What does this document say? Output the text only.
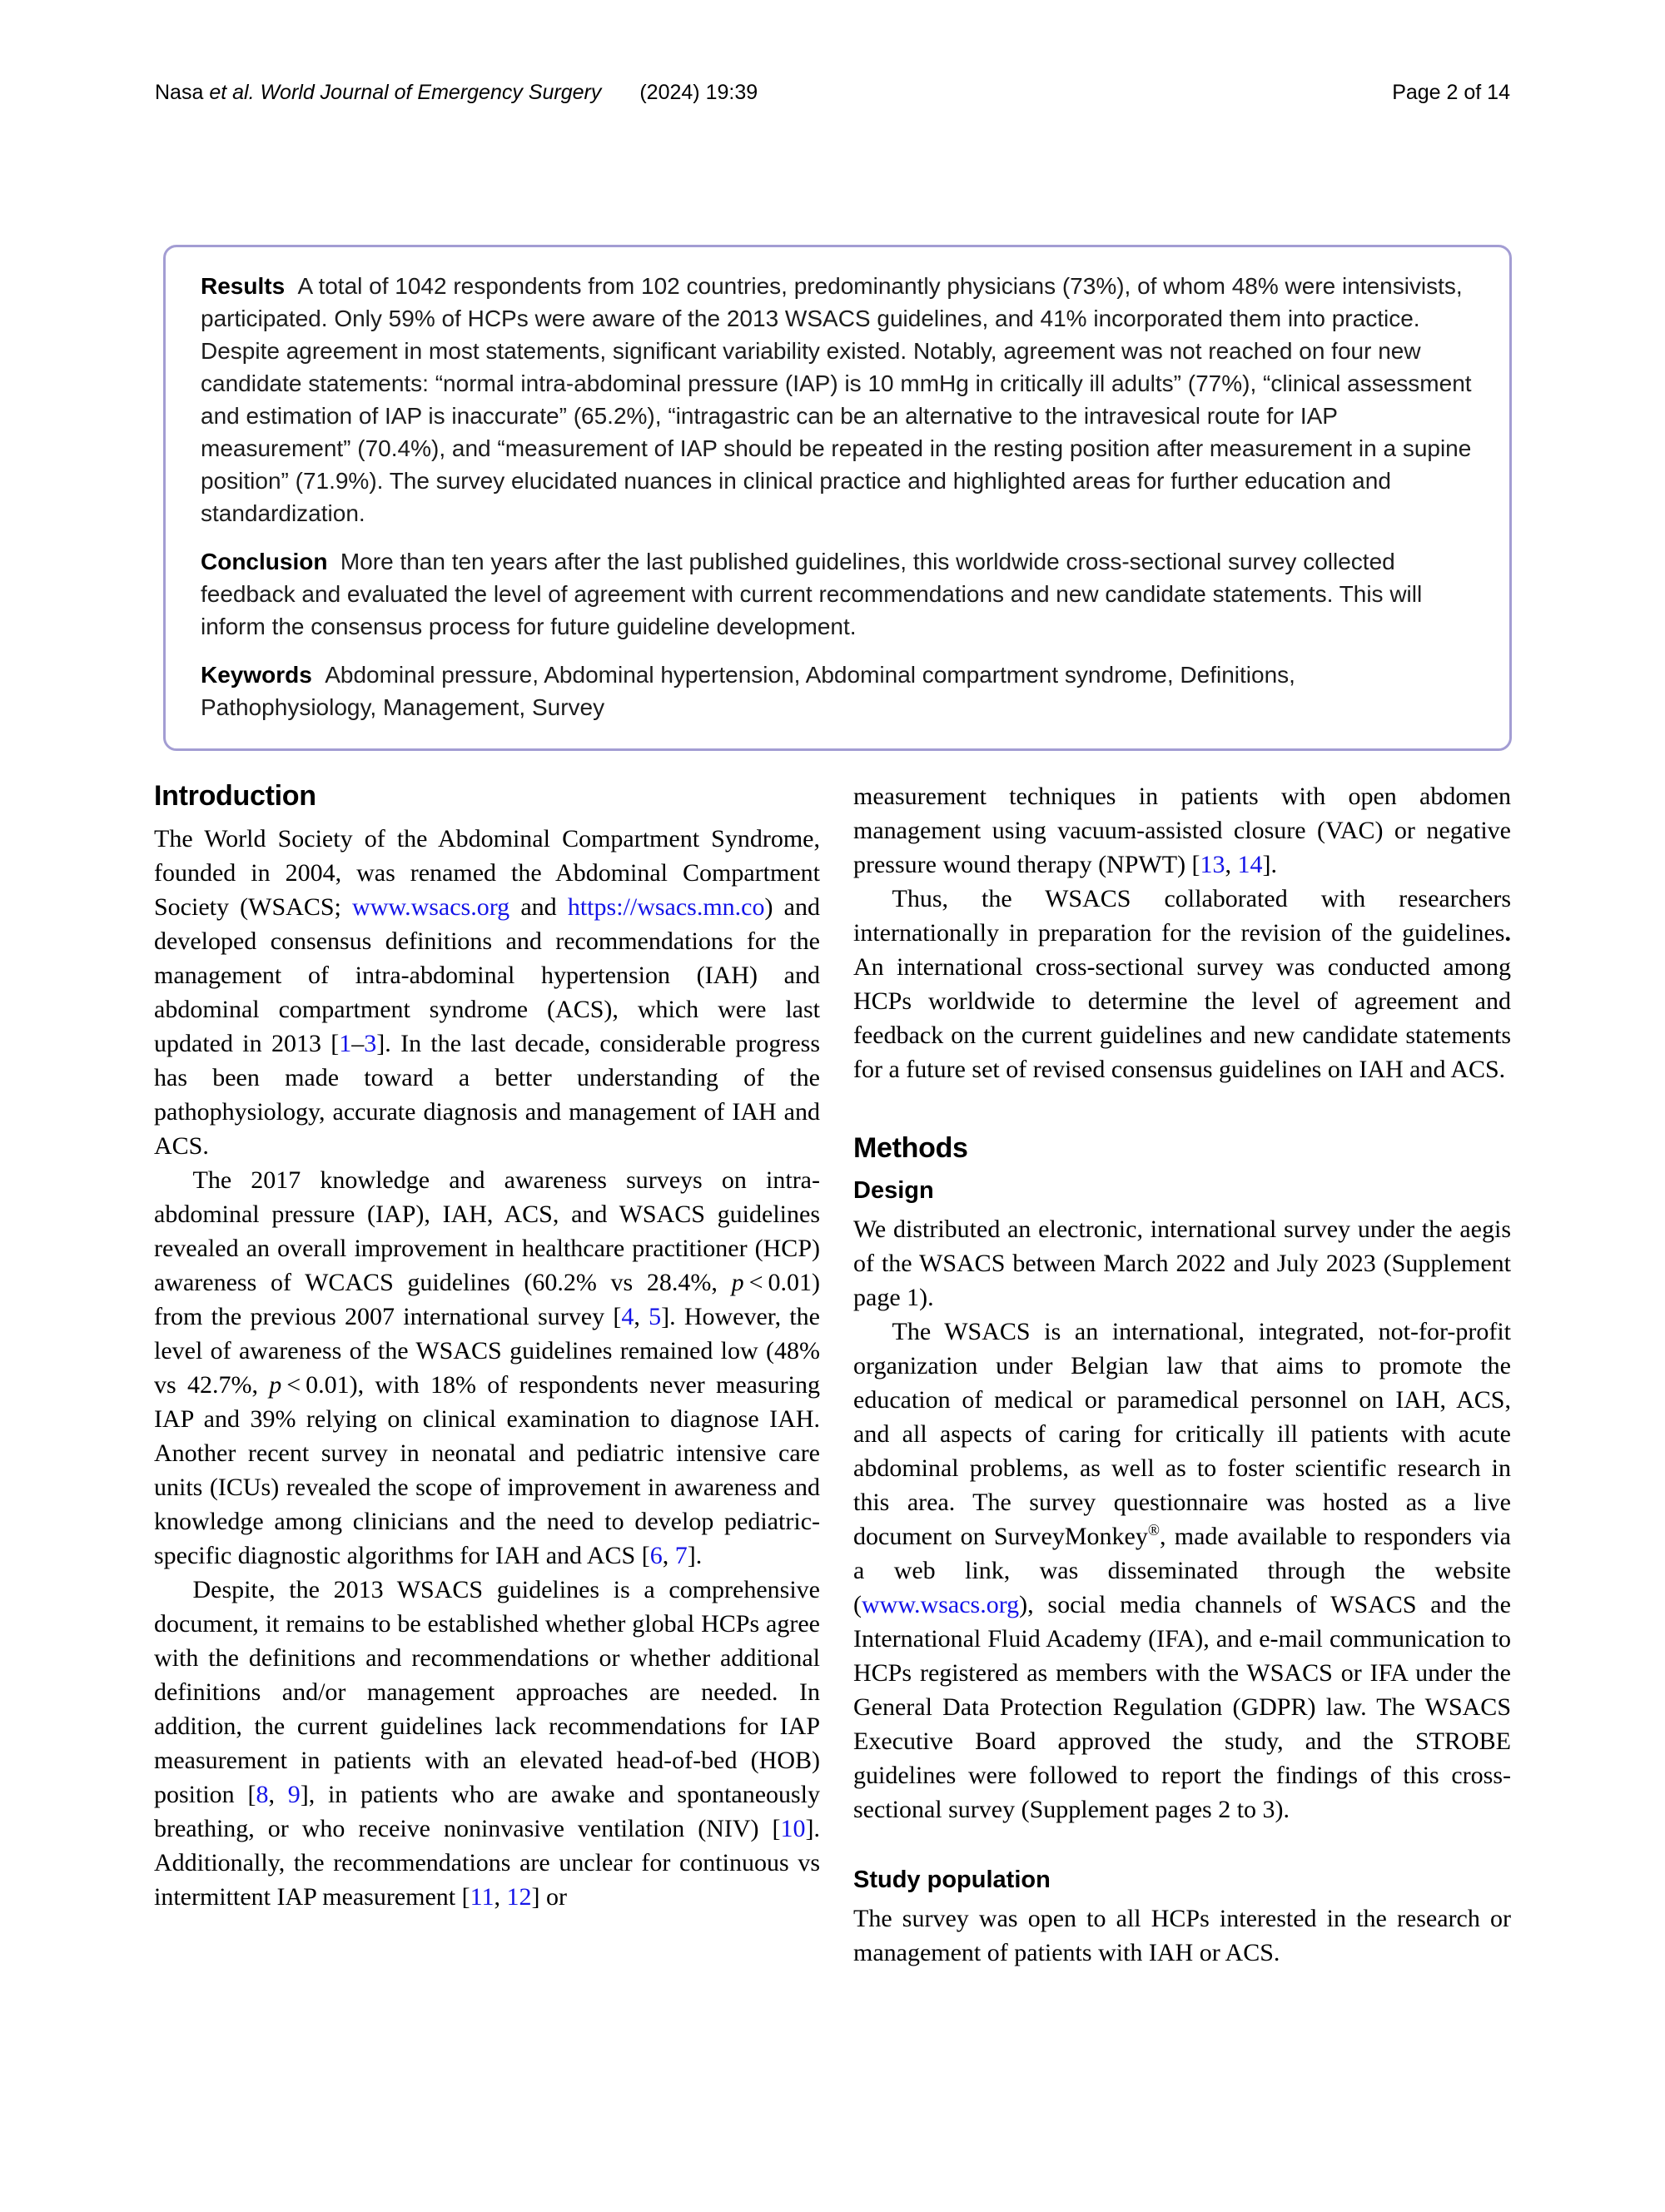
Nasa et al. World Journal of Emergency Surgery (2024) 19:39	Page 2 of 14

Results A total of 1042 respondents from 102 countries, predominantly physicians (73%), of whom 48% were intensivists, participated. Only 59% of HCPs were aware of the 2013 WSACS guidelines, and 41% incorporated them into practice. Despite agreement in most statements, significant variability existed. Notably, agreement was not reached on four new candidate statements: “normal intra-abdominal pressure (IAP) is 10 mmHg in critically ill adults” (77%), “clinical assessment and estimation of IAP is inaccurate” (65.2%), “intragastric can be an alternative to the intravesical route for IAP measurement” (70.4%), and “measurement of IAP should be repeated in the resting position after measurement in a supine position” (71.9%). The survey elucidated nuances in clinical practice and highlighted areas for further education and standardization.

Conclusion More than ten years after the last published guidelines, this worldwide cross-sectional survey collected feedback and evaluated the level of agreement with current recommendations and new candidate statements. This will inform the consensus process for future guideline development.

Keywords Abdominal pressure, Abdominal hypertension, Abdominal compartment syndrome, Definitions, Pathophysiology, Management, Survey

Introduction

The World Society of the Abdominal Compartment Syndrome, founded in 2004, was renamed the Abdominal Compartment Society (WSACS; www.wsacs.org and https://wsacs.mn.co) and developed consensus definitions and recommendations for the management of intra-abdominal hypertension (IAH) and abdominal compartment syndrome (ACS), which were last updated in 2013 [1–3]. In the last decade, considerable progress has been made toward a better understanding of the pathophysiology, accurate diagnosis and management of IAH and ACS.

The 2017 knowledge and awareness surveys on intra-abdominal pressure (IAP), IAH, ACS, and WSACS guidelines revealed an overall improvement in healthcare practitioner (HCP) awareness of WCACS guidelines (60.2% vs 28.4%, p < 0.01) from the previous 2007 international survey [4, 5]. However, the level of awareness of the WSACS guidelines remained low (48% vs 42.7%, p < 0.01), with 18% of respondents never measuring IAP and 39% relying on clinical examination to diagnose IAH. Another recent survey in neonatal and pediatric intensive care units (ICUs) revealed the scope of improvement in awareness and knowledge among clinicians and the need to develop pediatric-specific diagnostic algorithms for IAH and ACS [6, 7].

Despite, the 2013 WSACS guidelines is a comprehensive document, it remains to be established whether global HCPs agree with the definitions and recommendations or whether additional definitions and/or management approaches are needed. In addition, the current guidelines lack recommendations for IAP measurement in patients with an elevated head-of-bed (HOB) position [8, 9], in patients who are awake and spontaneously breathing, or who receive noninvasive ventilation (NIV) [10]. Additionally, the recommendations are unclear for continuous vs intermittent IAP measurement [11, 12] or

measurement techniques in patients with open abdomen management using vacuum-assisted closure (VAC) or negative pressure wound therapy (NPWT) [13, 14].

Thus, the WSACS collaborated with researchers internationally in preparation for the revision of the guidelines. An international cross-sectional survey was conducted among HCPs worldwide to determine the level of agreement and feedback on the current guidelines and new candidate statements for a future set of revised consensus guidelines on IAH and ACS.

Methods
Design

We distributed an electronic, international survey under the aegis of the WSACS between March 2022 and July 2023 (Supplement page 1).

The WSACS is an international, integrated, not-for-profit organization under Belgian law that aims to promote the education of medical or paramedical personnel on IAH, ACS, and all aspects of caring for critically ill patients with acute abdominal problems, as well as to foster scientific research in this area. The survey questionnaire was hosted as a live document on SurveyMonkey®, made available to responders via a web link, was disseminated through the website (www.wsacs.org), social media channels of WSACS and the International Fluid Academy (IFA), and e-mail communication to HCPs registered as members with the WSACS or IFA under the General Data Protection Regulation (GDPR) law. The WSACS Executive Board approved the study, and the STROBE guidelines were followed to report the findings of this cross-sectional survey (Supplement pages 2 to 3).

Study population

The survey was open to all HCPs interested in the research or management of patients with IAH or ACS.
